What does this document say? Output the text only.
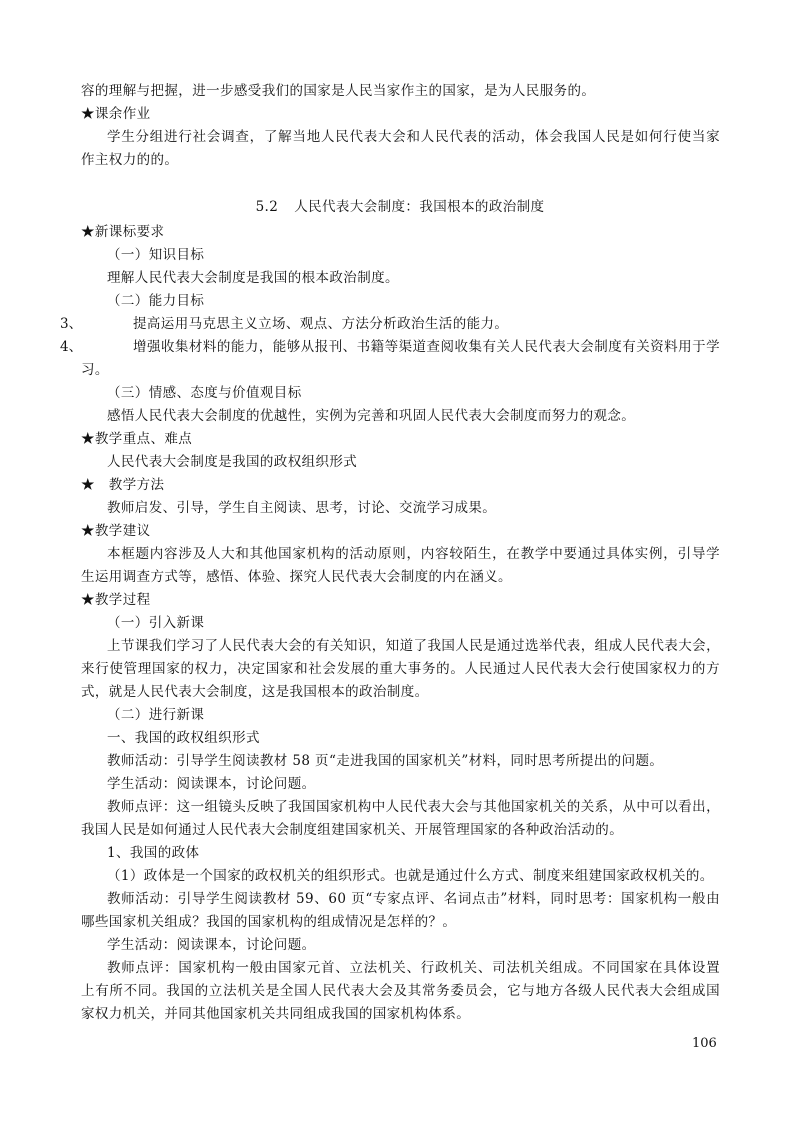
容的理解与把握，进一步感受我们的国家是人民当家作主的国家，是为人民服务的。
★课余作业
学生分组进行社会调查，了解当地人民代表大会和人民代表的活动，体会我国人民是如何行使当家
作主权力的的。
5.2 人民代表大会制度：我国根本的政治制度
★新课标要求
（一）知识目标
理解人民代表大会制度是我国的根本政治制度。
（二）能力目标
3、	提高运用马克思主义立场、观点、方法分析政治生活的能力。
4、	增强收集材料的能力，能够从报刊、书籍等渠道查阅收集有关人民代表大会制度有关资料用于学
习。
（三）情感、态度与价值观目标
感悟人民代表大会制度的优越性，实例为完善和巩固人民代表大会制度而努力的观念。
★教学重点、难点
人民代表大会制度是我国的政权组织形式
★　教学方法
教师启发、引导，学生自主阅读、思考，讨论、交流学习成果。
★教学建议
本框题内容涉及人大和其他国家机构的活动原则，内容较陌生，在教学中要通过具体实例，引导学
生运用调查方式等，感悟、体验、探究人民代表大会制度的内在涵义。
★教学过程
（一）引入新课
上节课我们学习了人民代表大会的有关知识，知道了我国人民是通过选举代表，组成人民代表大会，
来行使管理国家的权力，决定国家和社会发展的重大事务的。人民通过人民代表大会行使国家权力的方
式，就是人民代表大会制度，这是我国根本的政治制度。
（二）进行新课
一、我国的政权组织形式
教师活动：引导学生阅读教材 58 页“走进我国的国家机关”材料，同时思考所提出的问题。
学生活动：阅读课本，讨论问题。
教师点评：这一组镜头反映了我国国家机构中人民代表大会与其他国家机关的关系，从中可以看出，
我国人民是如何通过人民代表大会制度组建国家机关、开展管理国家的各种政治活动的。
1、我国的政体
（1）政体是一个国家的政权机关的组织形式。也就是通过什么方式、制度来组建国家政权机关的。
教师活动：引导学生阅读教材 59、60 页“专家点评、名词点击”材料，同时思考：国家机构一般由
哪些国家机关组成？我国的国家机构的组成情况是怎样的？。
学生活动：阅读课本，讨论问题。
教师点评：国家机构一般由国家元首、立法机关、行政机关、司法机关组成。不同国家在具体设置
上有所不同。我国的立法机关是全国人民代表大会及其常务委员会，它与地方各级人民代表大会组成国
家权力机关，并同其他国家机关共同组成我国的国家机构体系。
106
